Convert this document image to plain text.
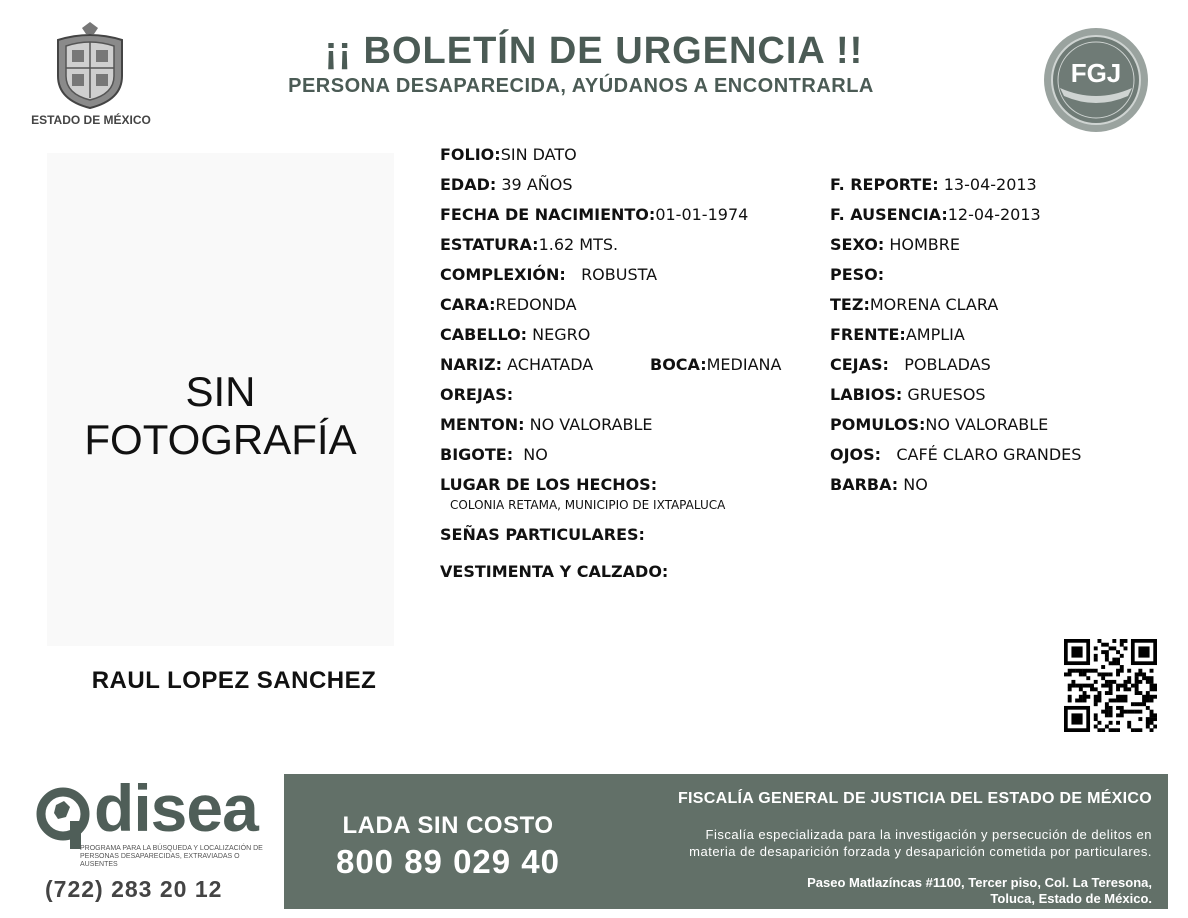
ESTADO DE MÉXICO
¡¡ BOLETÍN DE URGENCIA !!
PERSONA DESAPARECIDA, AYÚDANOS A ENCONTRARLA	FGJ
SIN FOTOGRAFÍA
RAUL LOPEZ SANCHEZ
FOLIO:SIN DATO
EDAD: 39 AÑOS
FECHA DE NACIMIENTO:01-01-1974
ESTATURA:1.62 MTS.
COMPLEXIÓN: ROBUSTA
CARA:REDONDA
CABELLO: NEGRO
NARIZ: ACHATADA	BOCA:MEDIANA
OREJAS:
MENTON: NO VALORABLE
BIGOTE: NO
LUGAR DE LOS HECHOS:
COLONIA RETAMA, MUNICIPIO DE IXTAPALUCA
SEÑAS PARTICULARES:
VESTIMENTA Y CALZADO:
F. REPORTE: 13-04-2013
F. AUSENCIA:12-04-2013
SEXO: HOMBRE
PESO:
TEZ:MORENA CLARA
FRENTE:AMPLIA
CEJAS: POBLADAS
LABIOS: GRUESOS
POMULOS:NO VALORABLE
OJOS: CAFÉ CLARO GRANDES
BARBA: NO
disea
PROGRAMA PARA LA BÚSQUEDA Y LOCALIZACIÓN DE PERSONAS DESAPARECIDAS, EXTRAVIADAS O AUSENTES
(722) 283 20 12
LADA SIN COSTO
800 89 029 40
FISCALÍA GENERAL DE JUSTICIA DEL ESTADO DE MÉXICO
Fiscalía especializada para la investigación y persecución de delitos en
materia de desaparición forzada y desaparición cometida por particulares.
Paseo Matlazíncas #1100, Tercer piso, Col. La Teresona,
Toluca, Estado de México.
